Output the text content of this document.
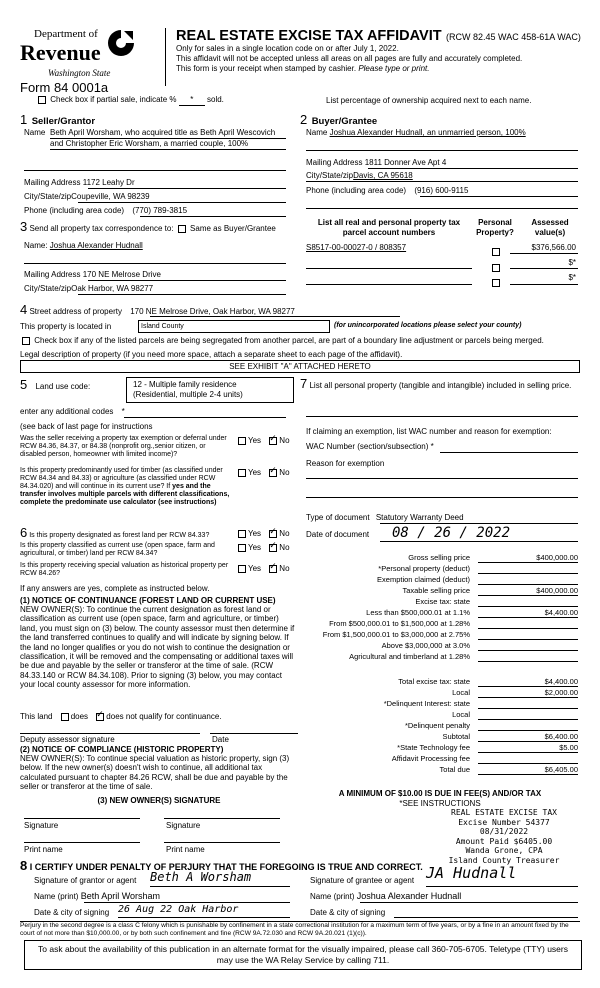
Department of
Revenue
Washington State
Form 84 0001a
REAL ESTATE EXCISE TAX AFFIDAVIT (RCW 82.45 WAC 458-61A WAC)
Only for sales in a single location code on or after July 1, 2022.
This affidavit will not be accepted unless all areas on all pages are fully and accurately completed.
This form is your receipt when stamped by cashier. Please type or print.
Check box if partial sale, indicate % * sold.	List percentage of ownership acquired next to each name.
1 Seller/Grantor
Name Beth April Worsham, who acquired title as Beth April Wescovich and Christopher Eric Worsham, a married couple, 100%
Mailing Address 1172 Leahy Dr
City/State/zipCoupeville, WA 98239
Phone (including area code) (770) 789-3815
2 Buyer/Grantee
Name Joshua Alexander Hudnall, an unmarried person, 100%
Mailing Address 1811 Donner Ave Apt 4
City/State/zipDavis, CA 95618
Phone (including area code) (916) 600-9115
3 Send all property tax correspondence to: Same as Buyer/Grantee
Name: Joshua Alexander Hudnall
Mailing Address 170 NE Melrose Drive
City/State/zipOak Harbor, WA 98277
List all real and personal property tax parcel account numbers
Personal Property?
Assessed value(s)
S8517-00-00027-0 / 808357	$376,566.00
$*
$*
4 Street address of property 170 NE Melrose Drive, Oak Harbor, WA 98277
This property is located in	Island County	(for unincorporated locations please select your county)
Check box if any of the listed parcels are being segregated from another parcel, are part of a boundary line adjustment or parcels being merged.
Legal description of property (if you need more space, attach a separate sheet to each page of the affidavit).
SEE EXHIBIT "A" ATTACHED HERETO
5 Land use code:	12 - Multiple family residence
(Residential, multiple 2-4 units)
enter any additional codes *
(see back of last page for instructions
Was the seller receiving a property tax exemption or deferral under RCW 84.36, 84.37, or 84.38 (nonprofit org.,senior citizen, or disabled person, homeowner with limited income)?
Yes ✓ No
Is this property predominantly used for timber (as classified under RCW 84.34 and 84.33) or agriculture (as classified under RCW 84.34.020) and will continue in its current use? If yes and the transfer involves multiple parcels with different classifications, complete the predominate use calculator (see instructions)
Yes ✓ No
6 Is this property designated as forest land per RCW 84.33?	Yes ✓ No
Is this property classified as current use (open space, farm and agricultural, or timber) land per RCW 84.34?
Yes ✓ No
Is this property receiving special valuation as historical property per RCW 84.26?
Yes ✓ No
If any answers are yes, complete as instructed below.
(1) NOTICE OF CONTINUANCE (FOREST LAND OR CURRENT USE)
NEW OWNER(S): To continue the current designation as forest land or classification as current use (open space, farm and agriculture, or timber) land, you must sign on (3) below. The county assessor must then determine if the land transferred continues to qualify and will indicate by signing below. If the land no longer qualifies or you do not wish to continue the designation or classification, it will be removed and the compensating or additional taxes will be due and payable by the seller or transferor at the time of sale. (RCW 84.33.140 or RCW 84.34.108). Prior to signing (3) below, you may contact your local county assessor for more information.
This land does ✓ does not qualify for continuance.
Deputy assessor signature	Date
(2) NOTICE OF COMPLIANCE (HISTORIC PROPERTY)
NEW OWNER(S): To continue special valuation as historic property, sign (3) below. If the new owner(s) doesn't wish to continue, all additional tax calculated pursuant to chapter 84.26 RCW, shall be due and payable by the seller or transferor at the time of sale.
(3) NEW OWNER(S) SIGNATURE
Signature	Signature
Print name	Print name
7 List all personal property (tangible and intangible) included in selling price.
If claiming an exemption, list WAC number and reason for exemption:
WAC Number (section/subsection) *
Reason for exemption
Type of document Statutory Warranty Deed
Date of document 08 / 26 / 2022
Gross selling price	$400,000.00
*Personal property (deduct)
Exemption claimed (deduct)
Taxable selling price	$400,000.00
Excise tax: state
Less than $500,000.01 at 1.1%	$4,400.00
From $500,000.01 to $1,500,000 at 1.28%
From $1,500,000.01 to $3,000,000 at 2.75%
Above $3,000,000 at 3.0%
Agricultural and timberland at 1.28%
Total excise tax: state	$4,400.00
Local	$2,000.00
*Delinquent Interest: state
Local
*Delinquent penalty
Subtotal	$6,400.00
*State Technology fee	$5.00
Affidavit Processing fee
Total due	$6,405.00
A MINIMUM OF $10.00 IS DUE IN FEE(S) AND/OR TAX
*SEE INSTRUCTIONS
REAL ESTATE EXCISE TAX
Excise Number 54377
08/31/2022
Amount Paid $6405.00
Wanda Grone, CPA
Island County Treasurer
8 I CERTIFY UNDER PENALTY OF PERJURY THAT THE FOREGOING IS TRUE AND CORRECT.
Signature of grantor or agent Beth A Worsham
Name (print) Beth April Worsham
Date & city of signing 26 Aug 22 Oak Harbor
Signature of grantee or agent JA Hudnall
Name (print) Joshua Alexander Hudnall
Date & city of signing
Perjury in the second degree is a class C felony which is punishable by confinement in a state correctional institution for a maximum term of five years, or by a fine in an amount fixed by the court of not more than $10,000.00, or by both such confinement and fine (RCW 9A.72.030 and RCW 9A.20.021 (1)(c)).
To ask about the availability of this publication in an alternate format for the visually impaired, please call 360-705-6705. Teletype (TTY) users may use the WA Relay Service by calling 711.
